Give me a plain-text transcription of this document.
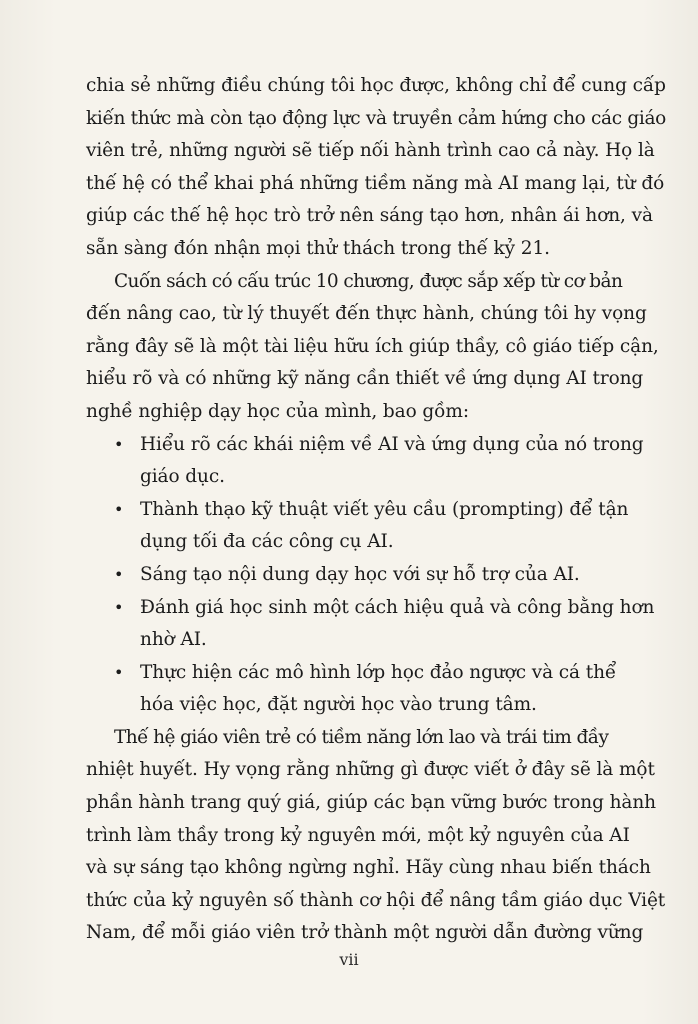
chia sẻ những điều chúng tôi học được, không chỉ để cung cấp
kiến thức mà còn tạo động lực và truyền cảm hứng cho các giáo
viên trẻ, những người sẽ tiếp nối hành trình cao cả này. Họ là
thế hệ có thể khai phá những tiềm năng mà AI mang lại, từ đó
giúp các thế hệ học trò trở nên sáng tạo hơn, nhân ái hơn, và
sẵn sàng đón nhận mọi thử thách trong thế kỷ 21.

Cuốn sách có cấu trúc 10 chương, được sắp xếp từ cơ bản
đến nâng cao, từ lý thuyết đến thực hành, chúng tôi hy vọng
rằng đây sẽ là một tài liệu hữu ích giúp thầy, cô giáo tiếp cận,
hiểu rõ và có những kỹ năng cần thiết về ứng dụng AI trong
nghề nghiệp dạy học của mình, bao gồm:

• Hiểu rõ các khái niệm về AI và ứng dụng của nó trong
giáo dục.
• Thành thạo kỹ thuật viết yêu cầu (prompting) để tận
dụng tối đa các công cụ AI.
• Sáng tạo nội dung dạy học với sự hỗ trợ của AI.
• Đánh giá học sinh một cách hiệu quả và công bằng hơn
nhờ AI.
• Thực hiện các mô hình lớp học đảo ngược và cá thể
hóa việc học, đặt người học vào trung tâm.

Thế hệ giáo viên trẻ có tiềm năng lớn lao và trái tim đầy
nhiệt huyết. Hy vọng rằng những gì được viết ở đây sẽ là một
phần hành trang quý giá, giúp các bạn vững bước trong hành
trình làm thầy trong kỷ nguyên mới, một kỷ nguyên của AI
và sự sáng tạo không ngừng nghỉ. Hãy cùng nhau biến thách
thức của kỷ nguyên số thành cơ hội để nâng tầm giáo dục Việt
Nam, để mỗi giáo viên trở thành một người dẫn đường vững

vii
